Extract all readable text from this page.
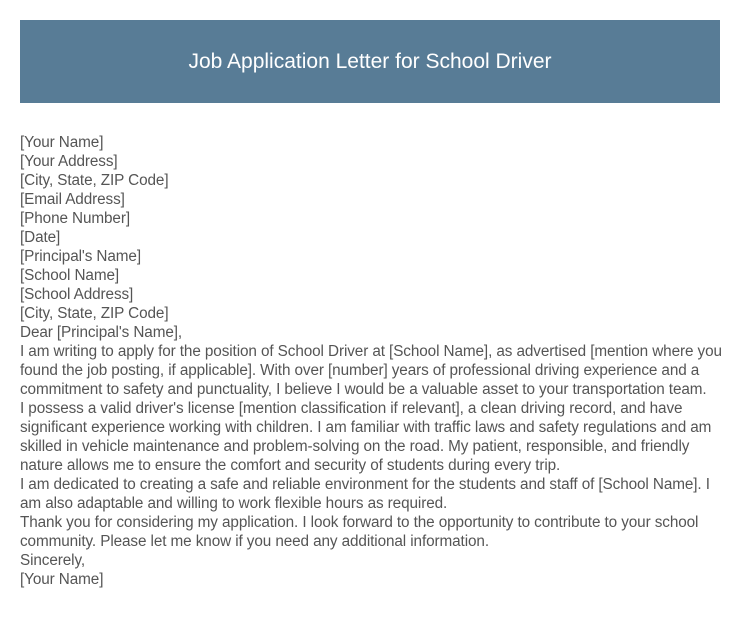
Job Application Letter for School Driver
[Your Name]
[Your Address]
[City, State, ZIP Code]
[Email Address]
[Phone Number]
[Date]
[Principal's Name]
[School Name]
[School Address]
[City, State, ZIP Code]
Dear [Principal's Name],
I am writing to apply for the position of School Driver at [School Name], as advertised [mention where you found the job posting, if applicable]. With over [number] years of professional driving experience and a commitment to safety and punctuality, I believe I would be a valuable asset to your transportation team.
I possess a valid driver's license [mention classification if relevant], a clean driving record, and have significant experience working with children. I am familiar with traffic laws and safety regulations and am skilled in vehicle maintenance and problem-solving on the road. My patient, responsible, and friendly nature allows me to ensure the comfort and security of students during every trip.
I am dedicated to creating a safe and reliable environment for the students and staff of [School Name]. I am also adaptable and willing to work flexible hours as required.
Thank you for considering my application. I look forward to the opportunity to contribute to your school community. Please let me know if you need any additional information.
Sincerely,
[Your Name]
